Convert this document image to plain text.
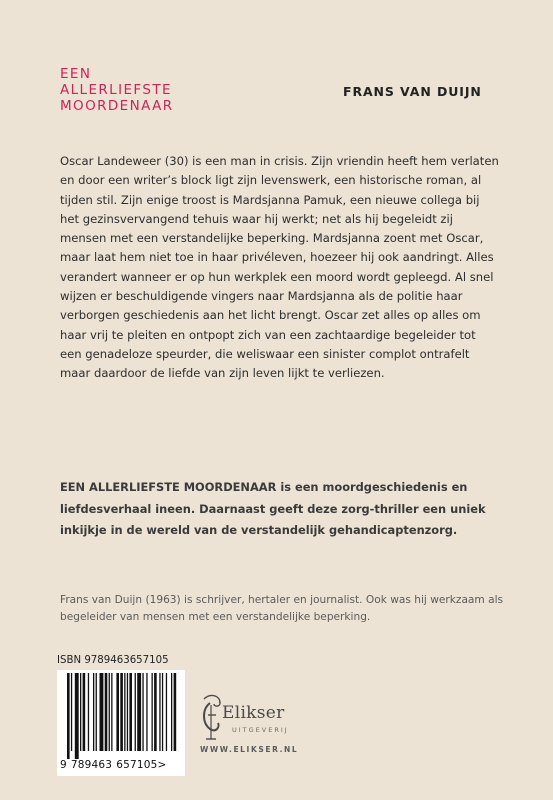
EEN
ALLERLIEFSTE
MOORDENAAR
FRANS VAN DUIJN

Oscar Landeweer (30) is een man in crisis. Zijn vriendin heeft hem verlaten en door een writer’s block ligt zijn levenswerk, een historische roman, al tijden stil. Zijn enige troost is Mardsjanna Pamuk, een nieuwe collega bij het gezinsvervangend tehuis waar hij werkt; net als hij begeleidt zij mensen met een verstandelijke beperking. Mardsjanna zoent met Oscar, maar laat hem niet toe in haar privéleven, hoezeer hij ook aandringt. Alles verandert wanneer er op hun werkplek een moord wordt gepleegd. Al snel wijzen er beschuldigende vingers naar Mardsjanna als de politie haar verborgen geschiedenis aan het licht brengt. Oscar zet alles op alles om haar vrij te pleiten en ontpopt zich van een zachtaardige begeleider tot een genadeloze speurder, die weliswaar een sinister complot ontrafelt maar daardoor de liefde van zijn leven lijkt te verliezen.

EEN ALLERLIEFSTE MOORDENAAR is een moordgeschiedenis en liefdesverhaal ineen. Daarnaast geeft deze zorg-thriller een uniek inkijkje in de wereld van de verstandelijk gehandicaptenzorg.

Frans van Duijn (1963) is schrijver, hertaler en journalist. Ook was hij werkzaam als begeleider van mensen met een verstandelijke beperking.

ISBN 9789463657105
9 789463 657105>
Elikser
UITGEVERIJ
WWW.ELIKSER.NL
